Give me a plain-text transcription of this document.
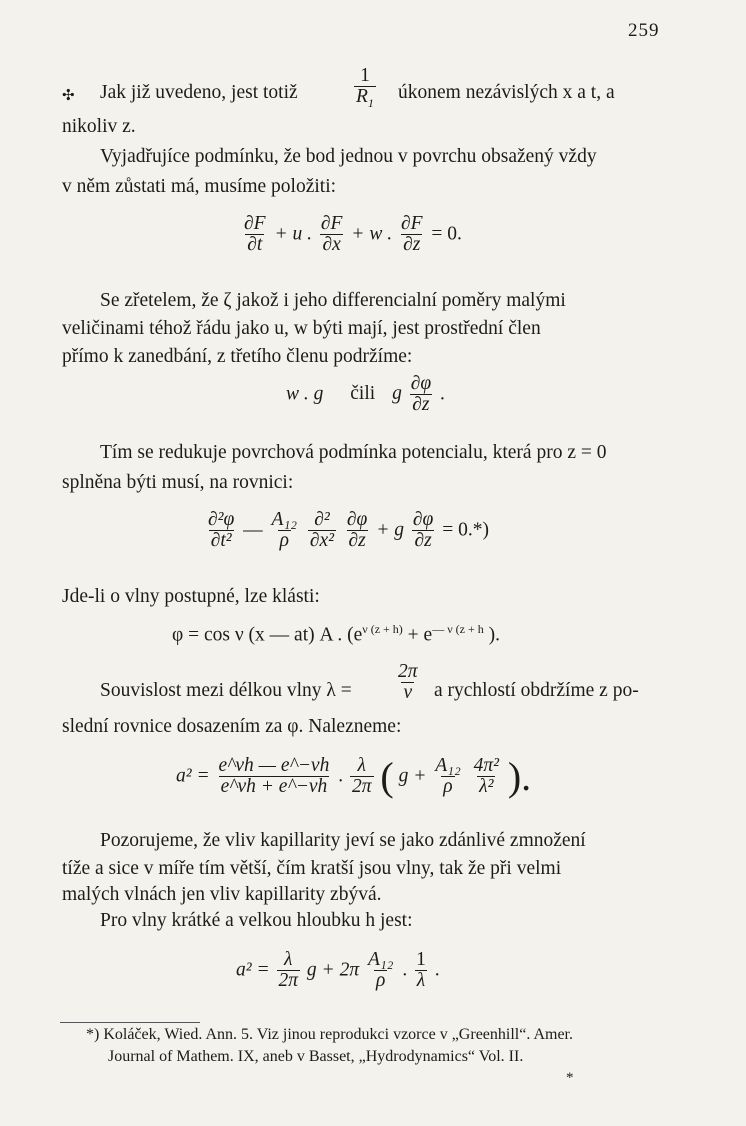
259
✣ Jak již uvedeno, jest totiž	$\frac{1}{R_1}$ úkonem nezávislých x a t, a
nikoliv z.
Vyjadřujíce podmínku, že bod jednou v povrchu obsažený vždy
v něm zůstati má, musíme položiti:
$\frac{\partial F}{\partial t} + u$ . $\frac{\partial F}{\partial x} + w$ . $\frac{\partial F}{\partial z} = 0$.
Se zřetelem, že ζ jakož i jeho differencialní poměry malými
veličinami téhož řádu jako u, w býti mají, jest prostřední člen
přímo k zanedbání, z třetího členu podržíme:
w . g čili g $\frac{\partial\varphi}{\partial z}$ .
Tím se redukuje povrchová podmínka potencialu, která pro z = 0
splněna býti musí, na rovnici:
$\frac{\text{∂²φ}}{\text{∂t²}}$ — $\frac{\text{A₁₂}}{\rho}$
$\frac{\text{∂²}}{\text{∂x²}}$
$\frac{\partial\varphi}{\partial z} + g \frac{\partial\varphi}{\partial z} = 0.*$)
Jde-li o vlny postupné, lze klásti:
φ = cos ν (x — at) A . ($e^{\nu (z + h)} + e^{— \nu (z + h}$ ).
Souvislost mezi délkou vlny $\lambda = \frac{2\pi}{\nu}$ a rychlostí obdržíme z po-
slední rovnice dosazením za φ. Nalezneme:
$a^2 = \frac{e\^{}\nu h — e\^{}-\nu h}{e\^{}\nu h + e\^{}-\nu h}$ . $\frac{\lambda}{2\pi}$ ( $g + \frac{\text{A₁₂}}{\rho}$
$\frac{\text{4π²}}{\text{λ²}}$ ).
Pozorujeme, že vliv kapillarity jeví se jako zdánlivé zmnožení
tíže a sice v míře tím větší, čím kratší jsou vlny, tak že při velmi
malých vlnách jen vliv kapillarity zbývá.
Pro vlny krátké a velkou hloubku h jest:
$a^2 = \frac{\lambda}{2\pi}$ $g + 2\pi \frac{\text{A₁₂}}{\rho}$ . $\frac{1}{\lambda}$ .
*) Koláček, Wied. Ann. 5. Viz jinou reprodukci vzorce v „Greenhill“. Amer.
Journal of Mathem. IX, aneb v Basset, „Hydrodynamics“ Vol. II.
*
